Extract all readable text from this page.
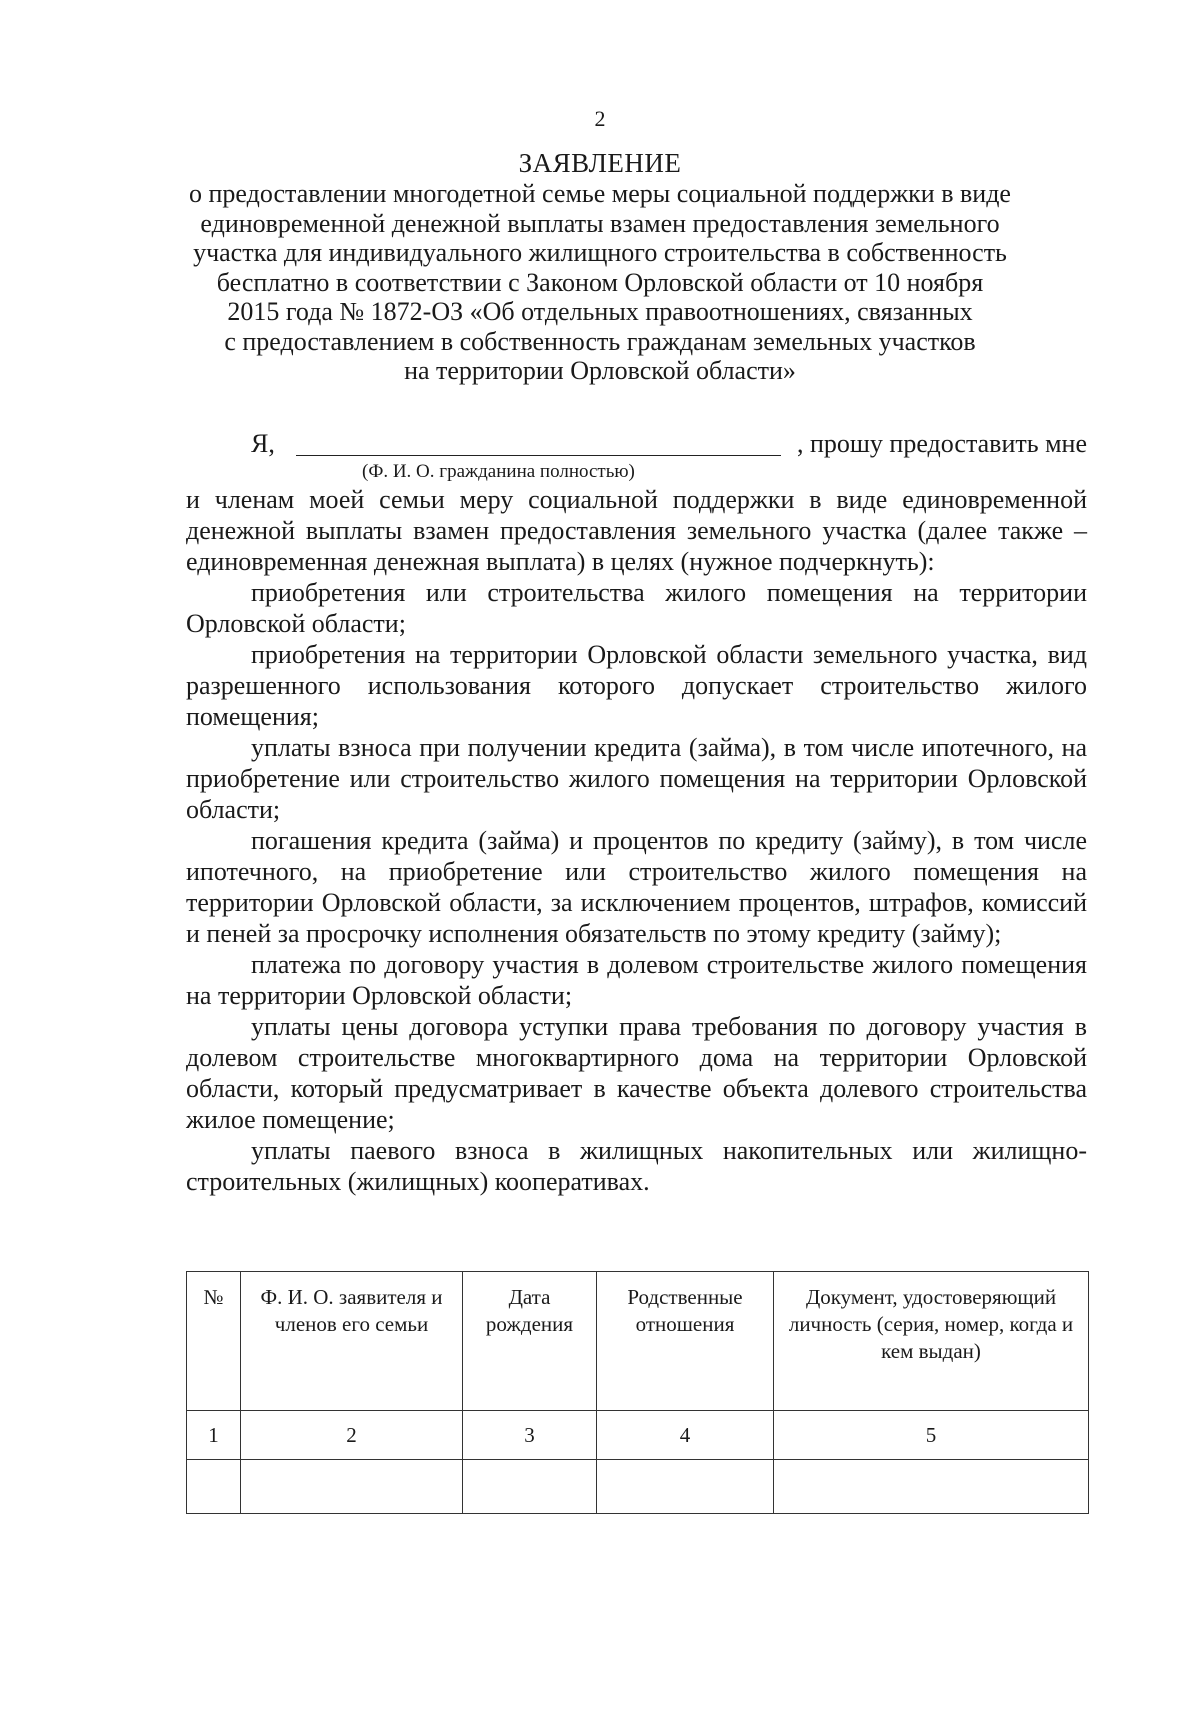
2
ЗАЯВЛЕНИЕ
о предоставлении многодетной семье меры социальной поддержки в виде
единовременной денежной выплаты взамен предоставления земельного
участка для индивидуального жилищного строительства в собственность
бесплатно в соответствии с Законом Орловской области от 10 ноября
2015 года № 1872-ОЗ «Об отдельных правоотношениях, связанных
с предоставлением в собственность гражданам земельных участков
на территории Орловской области»
Я,	, прошу предоставить мне
(Ф. И. О. гражданина полностью)

и членам моей семьи меру социальной поддержки в виде единовременной денежной выплаты взамен предоставления земельного участка (далее также – единовременная денежная выплата) в целях (нужное подчеркнуть):

приобретения или строительства жилого помещения на территории Орловской области;

приобретения на территории Орловской области земельного участка, вид разрешенного использования которого допускает строительство жилого помещения;

уплаты взноса при получении кредита (займа), в том числе ипотечного, на приобретение или строительство жилого помещения на территории Орловской области;

погашения кредита (займа) и процентов по кредиту (займу), в том числе ипотечного, на приобретение или строительство жилого помещения на территории Орловской области, за исключением процентов, штрафов, комиссий и пеней за просрочку исполнения обязательств по этому кредиту (займу);

платежа по договору участия в долевом строительстве жилого помещения на территории Орловской области;

уплаты цены договора уступки права требования по договору участия в долевом строительстве многоквартирного дома на территории Орловской области, который предусматривает в качестве объекта долевого строительства жилое помещение;

уплаты паевого взноса в жилищных накопительных или жилищно-строительных (жилищных) кооперативах.

№	Ф. И. О. заявителя и членов его семьи	Дата рождения	Родственные отношения	Документ, удостоверяющий личность (серия, номер, когда и кем выдан)
1	2	3	4	5
